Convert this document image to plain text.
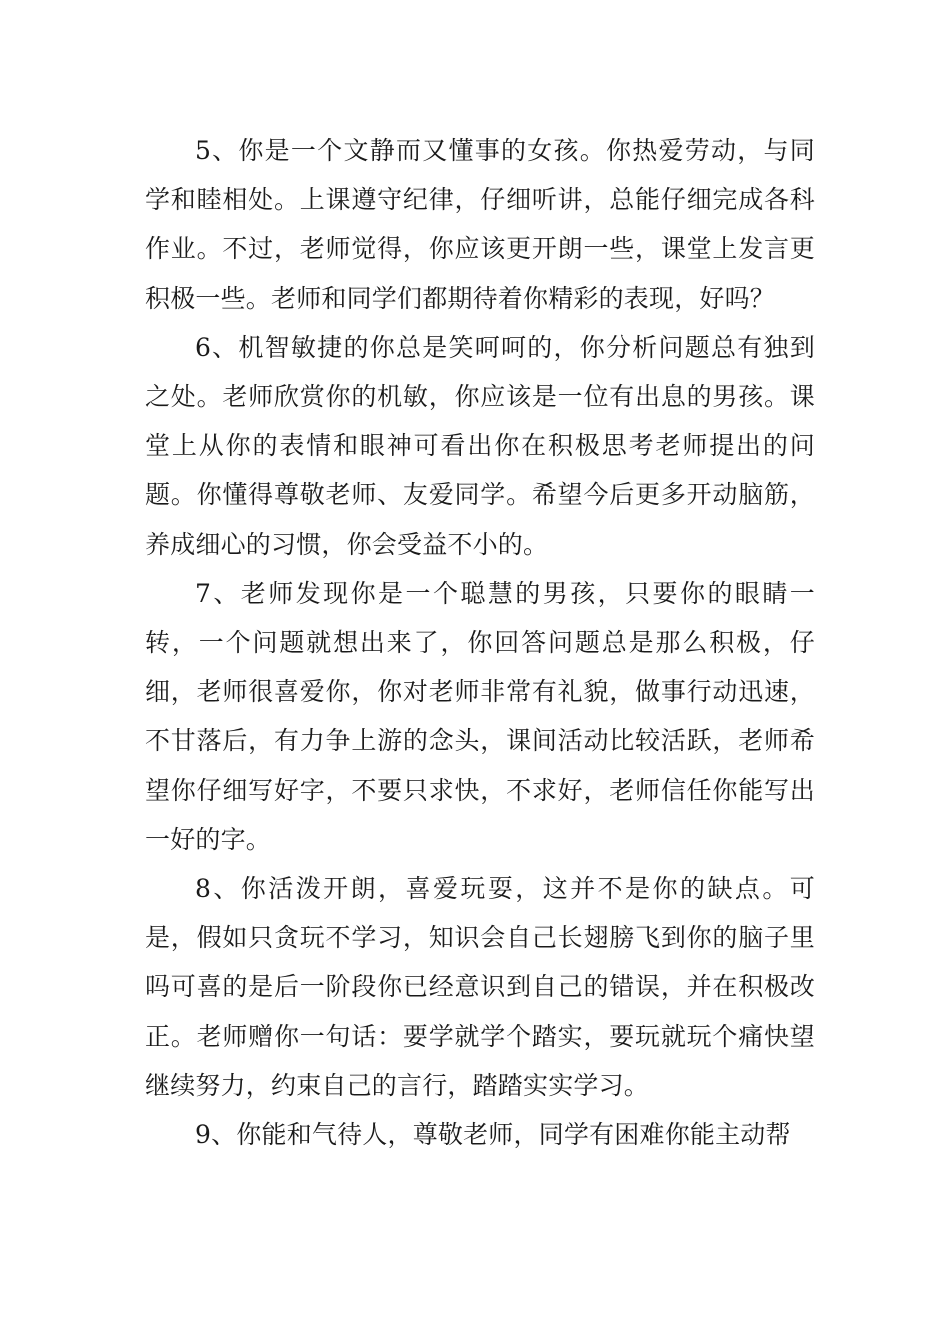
5、你是一个文静而又懂事的女孩。你热爱劳动，与同学和睦相处。上课遵守纪律，仔细听讲，总能仔细完成各科作业。不过，老师觉得，你应该更开朗一些，课堂上发言更积极一些。老师和同学们都期待着你精彩的表现，好吗？

6、机智敏捷的你总是笑呵呵的，你分析问题总有独到之处。老师欣赏你的机敏，你应该是一位有出息的男孩。课堂上从你的表情和眼神可看出你在积极思考老师提出的问题。你懂得尊敬老师、友爱同学。希望今后更多开动脑筋，养成细心的习惯，你会受益不小的。

7、老师发现你是一个聪慧的男孩，只要你的眼睛一转，一个问题就想出来了，你回答问题总是那么积极，仔细，老师很喜爱你，你对老师非常有礼貌，做事行动迅速，不甘落后，有力争上游的念头，课间活动比较活跃，老师希望你仔细写好字，不要只求快，不求好，老师信任你能写出一好的字。

8、你活泼开朗，喜爱玩耍，这并不是你的缺点。可是，假如只贪玩不学习，知识会自己长翅膀飞到你的脑子里吗可喜的是后一阶段你已经意识到自己的错误，并在积极改正。老师赠你一句话：要学就学个踏实，要玩就玩个痛快望继续努力，约束自己的言行，踏踏实实学习。

9、你能和气待人，尊敬老师，同学有困难你能主动帮
